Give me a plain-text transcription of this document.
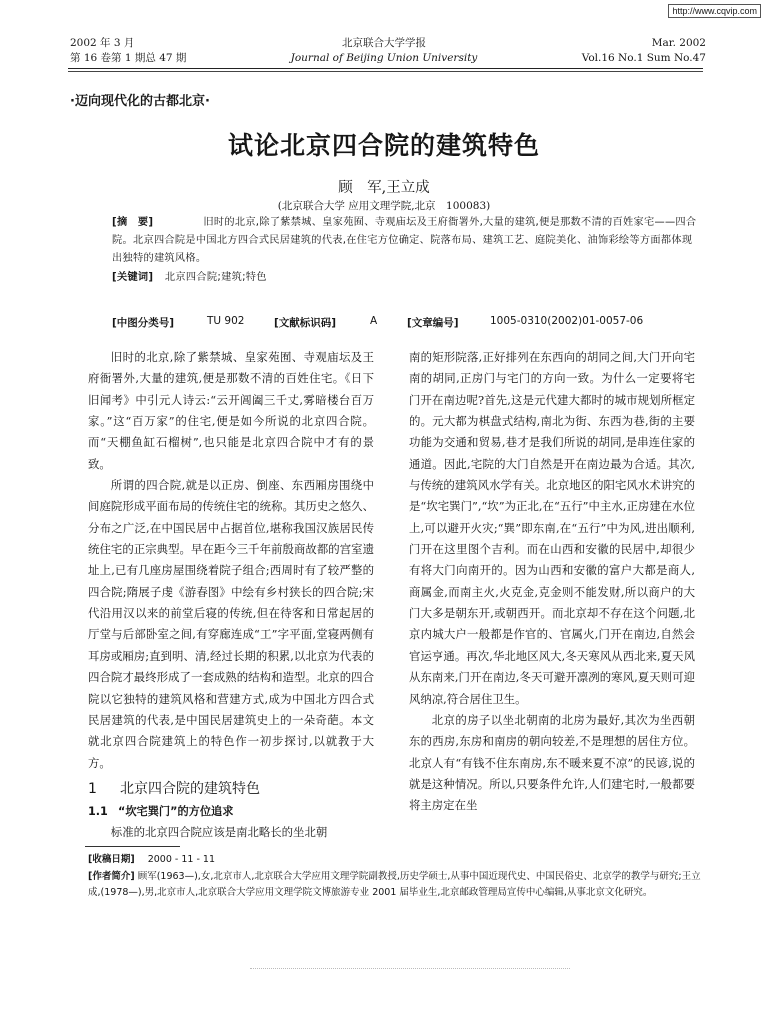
http://www.cqvip.com
2002 年 3 月
第 16 卷第 1 期总 47 期
北京联合大学学报
Journal of Beijing Union University
Mar. 2002
Vol.16 No.1 Sum No.47
·迈向现代化的古都北京·
试论北京四合院的建筑特色
顾　军,王立成
(北京联合大学 应用文理学院,北京　100083)
[摘　要]	旧时的北京,除了紫禁城、皇家苑囿、寺观庙坛及王府衙署外,大量的建筑,便是那数不清的百姓家宅——四合院。北京四合院是中国北方四合式民居建筑的代表,在住宅方位确定、院落布局、建筑工艺、庭院美化、油饰彩绘等方面都体现出独特的建筑风格。
[关键词] 北京四合院;建筑;特色
[中图分类号]	TU 902	[文献标识码]	A	[文章编号]	1005-0310(2002)01-0057-06

旧时的北京,除了紫禁城、皇家苑囿、寺观庙坛及王府衙署外,大量的建筑,便是那数不清的百姓住宅。《日下旧闻考》中引元人诗云:“云开阊阖三千丈,雾暗楼台百万家。”这“百万家”的住宅,便是如今所说的北京四合院。而“天棚鱼缸石榴树”,也只能是北京四合院中才有的景致。

所谓的四合院,就是以正房、倒座、东西厢房围绕中间庭院形成平面布局的传统住宅的统称。其历史之悠久、分布之广泛,在中国民居中占据首位,堪称我国汉族居民传统住宅的正宗典型。早在距今三千年前殷商故都的宫室遗址上,已有几座房屋围绕着院子组合;西周时有了较严整的四合院;隋展子虔《游春图》中绘有乡村狭长的四合院;宋代沿用汉以来的前堂后寝的传统,但在待客和日常起居的厅堂与后部卧室之间,有穿廊连成“工”字平面,堂寝两侧有耳房或厢房;直到明、清,经过长期的积累,以北京为代表的四合院才最终形成了一套成熟的结构和造型。北京的四合院以它独特的建筑风格和营建方式,成为中国北方四合式民居建筑的代表,是中国民居建筑史上的一朵奇葩。本文就北京四合院建筑上的特色作一初步探讨,以就教于大方。

1 北京四合院的建筑特色
1.1 “坎宅巽门”的方位追求

标准的北京四合院应该是南北略长的坐北朝

南的矩形院落,正好排列在东西向的胡同之间,大门开向宅南的胡同,正房门与宅门的方向一致。为什么一定要将宅门开在南边呢?首先,这是元代建大都时的城市规划所框定的。元大都为棋盘式结构,南北为街、东西为巷,街的主要功能为交通和贸易,巷才是我们所说的胡同,是串连住家的通道。因此,宅院的大门自然是开在南边最为合适。其次,与传统的建筑风水学有关。北京地区的阳宅风水术讲究的是“坎宅巽门”,“坎”为正北,在“五行”中主水,正房建在水位上,可以避开火灾;“巽”即东南,在“五行”中为风,进出顺利,门开在这里图个吉利。而在山西和安徽的民居中,却很少有将大门向南开的。因为山西和安徽的富户大都是商人,商属金,而南主火,火克金,克金则不能发财,所以商户的大门大多是朝东开,或朝西开。而北京却不存在这个问题,北京内城大户一般都是作官的、官属火,门开在南边,自然会官运亨通。再次,华北地区风大,冬天寒风从西北来,夏天风从东南来,门开在南边,冬天可避开凛冽的寒风,夏天则可迎风纳凉,符合居住卫生。

北京的房子以坐北朝南的北房为最好,其次为坐西朝东的西房,东房和南房的朝向较差,不是理想的居住方位。北京人有“有钱不住东南房,东不暖来夏不凉”的民谚,说的就是这种情况。所以,只要条件允许,人们建宅时,一般都要将主房定在坐

[收稿日期] 2000 - 11 - 11
[作者简介] 顾军(1963—),女,北京市人,北京联合大学应用文理学院副教授,历史学硕士,从事中国近现代史、中国民俗史、北京学的教学与研究;王立成,(1978—),男,北京市人,北京联合大学应用文理学院文博旅游专业 2001 届毕业生,北京邮政管理局宣传中心编辑,从事北京文化研究。
